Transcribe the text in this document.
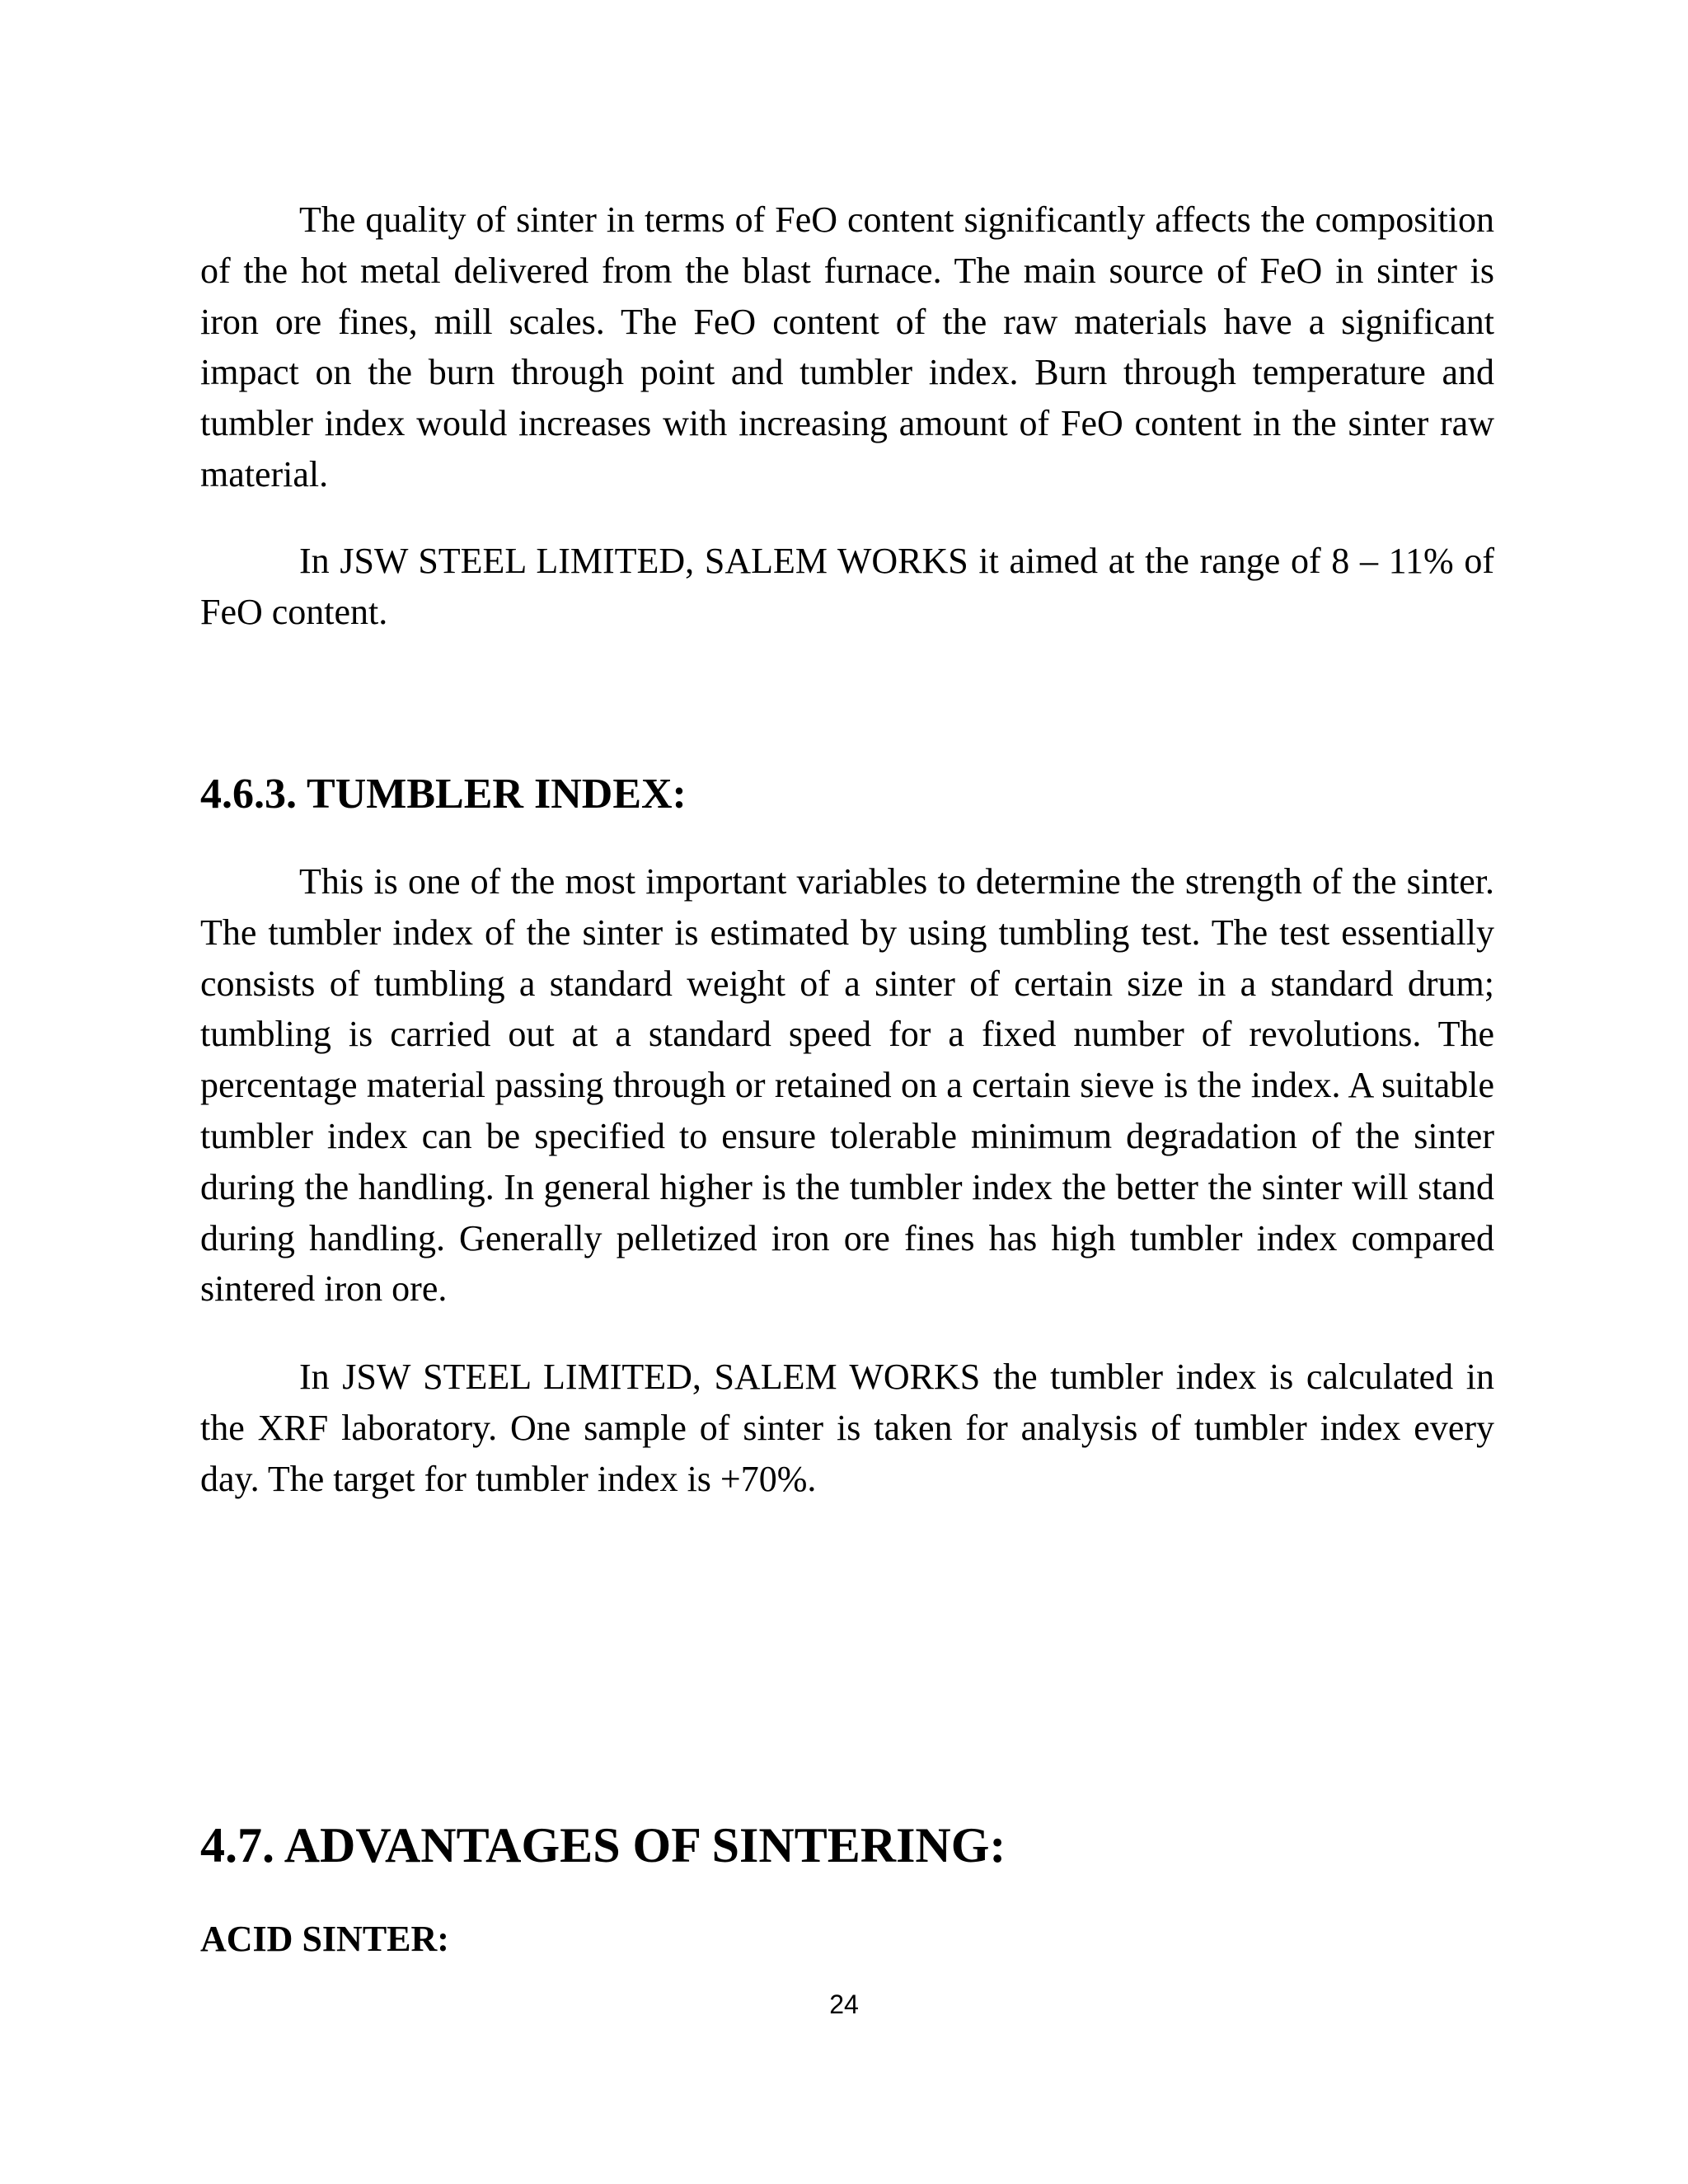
The quality of sinter in terms of FeO content significantly affects the composition of the hot metal delivered from the blast furnace. The main source of FeO in sinter is iron ore fines, mill scales. The FeO content of the raw materials have a significant impact on the burn through point and tumbler index. Burn through temperature and tumbler index would increases with increasing amount of FeO content in the sinter raw material.

In JSW STEEL LIMITED, SALEM WORKS it aimed at the range of 8 – 11% of FeO content.

4.6.3. TUMBLER INDEX:

This is one of the most important variables to determine the strength of the sinter. The tumbler index of the sinter is estimated by using tumbling test. The test essentially consists of tumbling a standard weight of a sinter of certain size in a standard drum; tumbling is carried out at a standard speed for a fixed number of revolutions. The percentage material passing through or retained on a certain sieve is the index. A suitable tumbler index can be specified to ensure tolerable minimum degradation of the sinter during the handling. In general higher is the tumbler index the better the sinter will stand during handling. Generally pelletized iron ore fines has high tumbler index compared sintered iron ore.

In JSW STEEL LIMITED, SALEM WORKS the tumbler index is calculated in the XRF laboratory. One sample of sinter is taken for analysis of tumbler index every day. The target for tumbler index is +70%.

4.7. ADVANTAGES OF SINTERING:
ACID SINTER:
24
